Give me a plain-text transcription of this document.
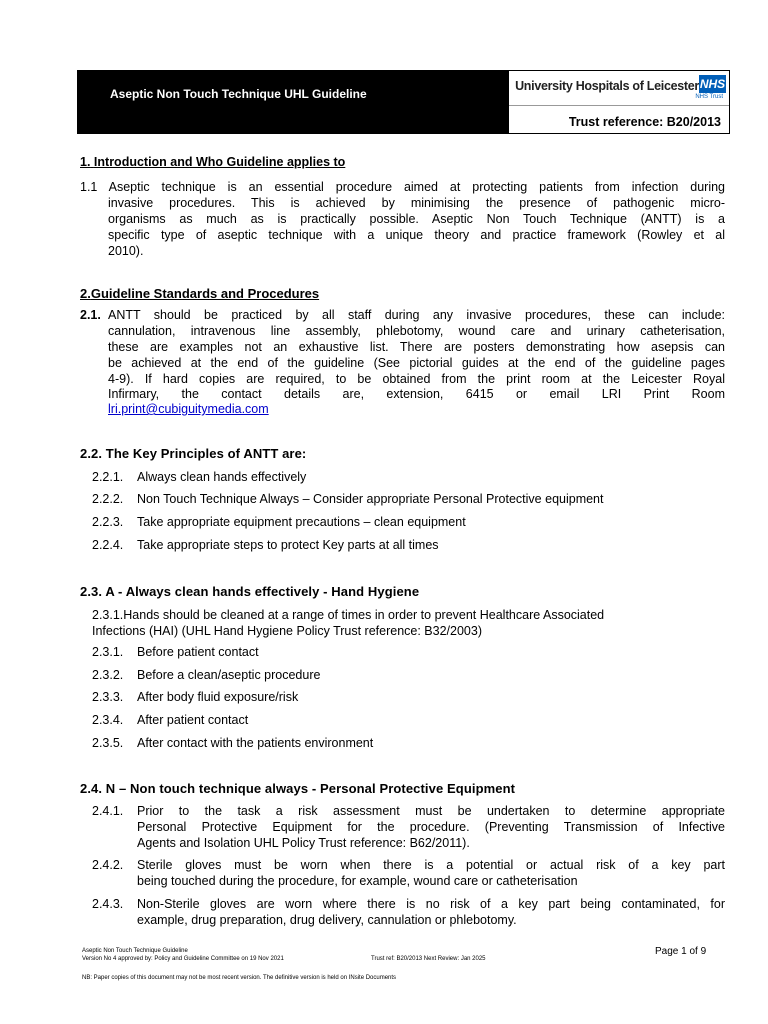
Aseptic Non Touch Technique UHL Guideline
University Hospitals of Leicester NHS
NHS Trust
Trust reference: B20/2013
1. Introduction and Who Guideline applies to
1.1 Aseptic technique is an essential procedure aimed at protecting patients from infection during
invasive procedures. This is achieved by minimising the presence of pathogenic micro-
organisms as much as is practically possible. Aseptic Non Touch Technique (ANTT) is a
specific type of aseptic technique with a unique theory and practice framework (Rowley et al
2010).
2.Guideline Standards and Procedures
2.1. ANTT should be practiced by all staff during any invasive procedures, these can include:
cannulation, intravenous line assembly, phlebotomy, wound care and urinary catheterisation,
these are examples not an exhaustive list. There are posters demonstrating how asepsis can
be achieved at the end of the guideline (See pictorial guides at the end of the guideline pages
4-9). If hard copies are required, to be obtained from the print room at the Leicester Royal
Infirmary, the contact details are, extension, 6415 or email LRI Print Room
lri.print@cubiguitymedia.com
2.2. The Key Principles of ANTT are:
2.2.1. Always clean hands effectively
2.2.2. Non Touch Technique Always – Consider appropriate Personal Protective equipment
2.2.3. Take appropriate equipment precautions – clean equipment
2.2.4. Take appropriate steps to protect Key parts at all times
2.3. A - Always clean hands effectively - Hand Hygiene
2.3.1.Hands should be cleaned at a range of times in order to prevent Healthcare Associated
Infections (HAI) (UHL Hand Hygiene Policy Trust reference: B32/2003)
2.3.1. Before patient contact
2.3.2. Before a clean/aseptic procedure
2.3.3. After body fluid exposure/risk
2.3.4. After patient contact
2.3.5. After contact with the patients environment
2.4. N – Non touch technique always - Personal Protective Equipment
2.4.1. Prior to the task a risk assessment must be undertaken to determine appropriate
Personal Protective Equipment for the procedure. (Preventing Transmission of Infective
Agents and Isolation UHL Policy Trust reference: B62/2011).
2.4.2. Sterile gloves must be worn when there is a potential or actual risk of a key part
being touched during the procedure, for example, wound care or catheterisation
2.4.3. Non-Sterile gloves are worn where there is no risk of a key part being contaminated, for
example, drug preparation, drug delivery, cannulation or phlebotomy.
Aseptic Non Touch Technique Guideline
Version No 4 approved by: Policy and Guideline Committee on 19 Nov 2021	Trust ref: B20/2013 Next Review: Jan 2025
Page 1 of 9
NB: Paper copies of this document may not be most recent version. The definitive version is held on INsite Documents
